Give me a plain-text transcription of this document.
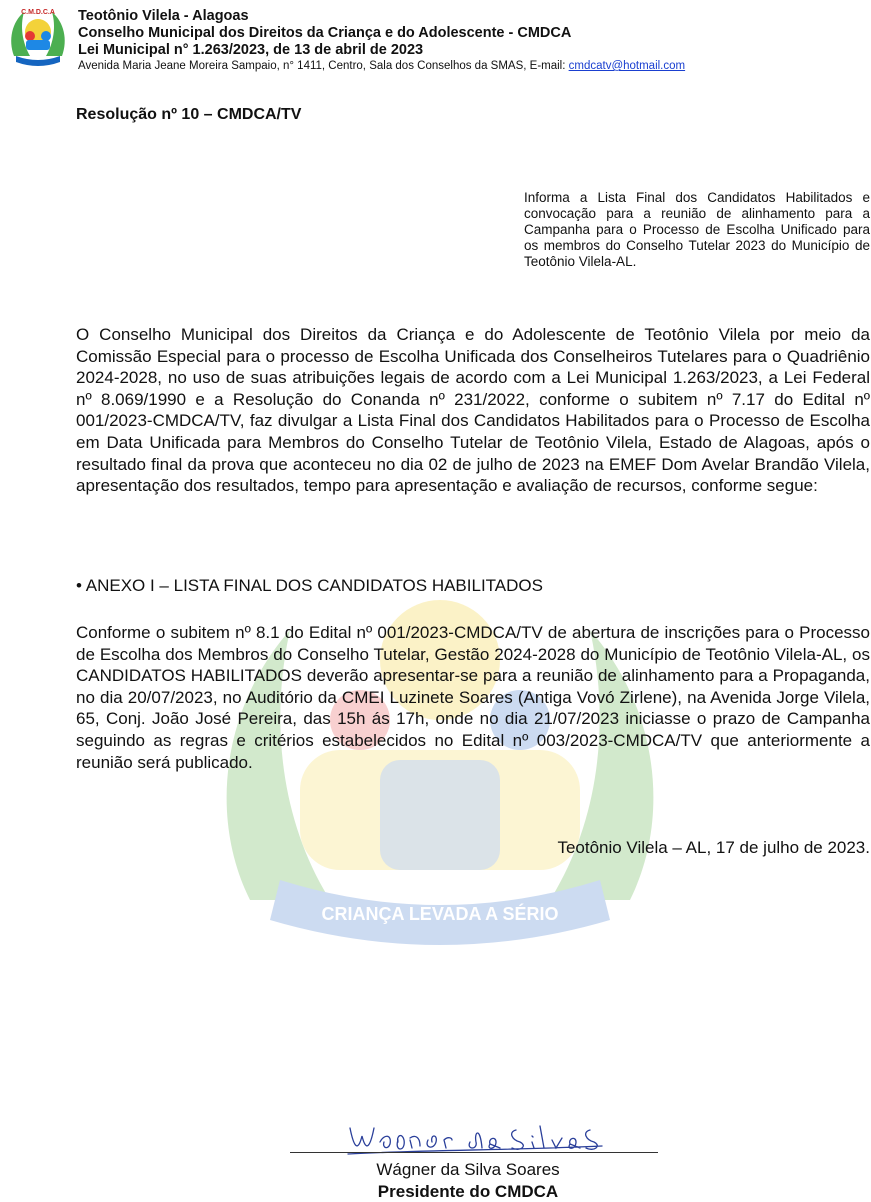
CRIANÇA LEVADA A SÉRIO
C.M.D.C.A Teotônio Vilela - Alagoas
Conselho Municipal dos Direitos da Criança e do Adolescente - CMDCA
Lei Municipal n° 1.263/2023, de 13 de abril de 2023
Avenida Maria Jeane Moreira Sampaio, n° 1411, Centro, Sala dos Conselhos da SMAS, E-mail: cmdcatv@hotmail.com
Resolução nº 10 – CMDCA/TV
Informa a Lista Final dos Candidatos Habilitados e convocação para a reunião de alinhamento para a Campanha para o Processo de Escolha Unificado para os membros do Conselho Tutelar 2023 do Município de Teotônio Vilela-AL.
O Conselho Municipal dos Direitos da Criança e do Adolescente de Teotônio Vilela por meio da Comissão Especial para o processo de Escolha Unificada dos Conselheiros Tutelares para o Quadriênio 2024-2028, no uso de suas atribuições legais de acordo com a Lei Municipal 1.263/2023, a Lei Federal nº 8.069/1990 e a Resolução do Conanda nº 231/2022, conforme o subitem nº 7.17 do Edital nº 001/2023-CMDCA/TV, faz divulgar a Lista Final dos Candidatos Habilitados para o Processo de Escolha em Data Unificada para Membros do Conselho Tutelar de Teotônio Vilela, Estado de Alagoas, após o resultado final da prova que aconteceu no dia 02 de julho de 2023 na EMEF Dom Avelar Brandão Vilela, apresentação dos resultados, tempo para apresentação e avaliação de recursos, conforme segue:
• ANEXO I – LISTA FINAL DOS CANDIDATOS HABILITADOS
Conforme o subitem nº 8.1 do Edital nº 001/2023-CMDCA/TV de abertura de inscrições para o Processo de Escolha dos Membros do Conselho Tutelar, Gestão 2024-2028 do Município de Teotônio Vilela-AL, os CANDIDATOS HABILITADOS deverão apresentar-se para a reunião de alinhamento para a Propaganda, no dia 20/07/2023, no Auditório da CMEI Luzinete Soares (Antiga Vovó Zirlene), na Avenida Jorge Vilela, 65, Conj. João José Pereira, das 15h ás 17h, onde no dia 21/07/2023 iniciasse o prazo de Campanha seguindo as regras e critérios estabelecidos no Edital nº 003/2023-CMDCA/TV que anteriormente a reunião será publicado.
Teotônio Vilela – AL, 17 de julho de 2023.
Wágner da Silva Soares
Presidente do CMDCA
